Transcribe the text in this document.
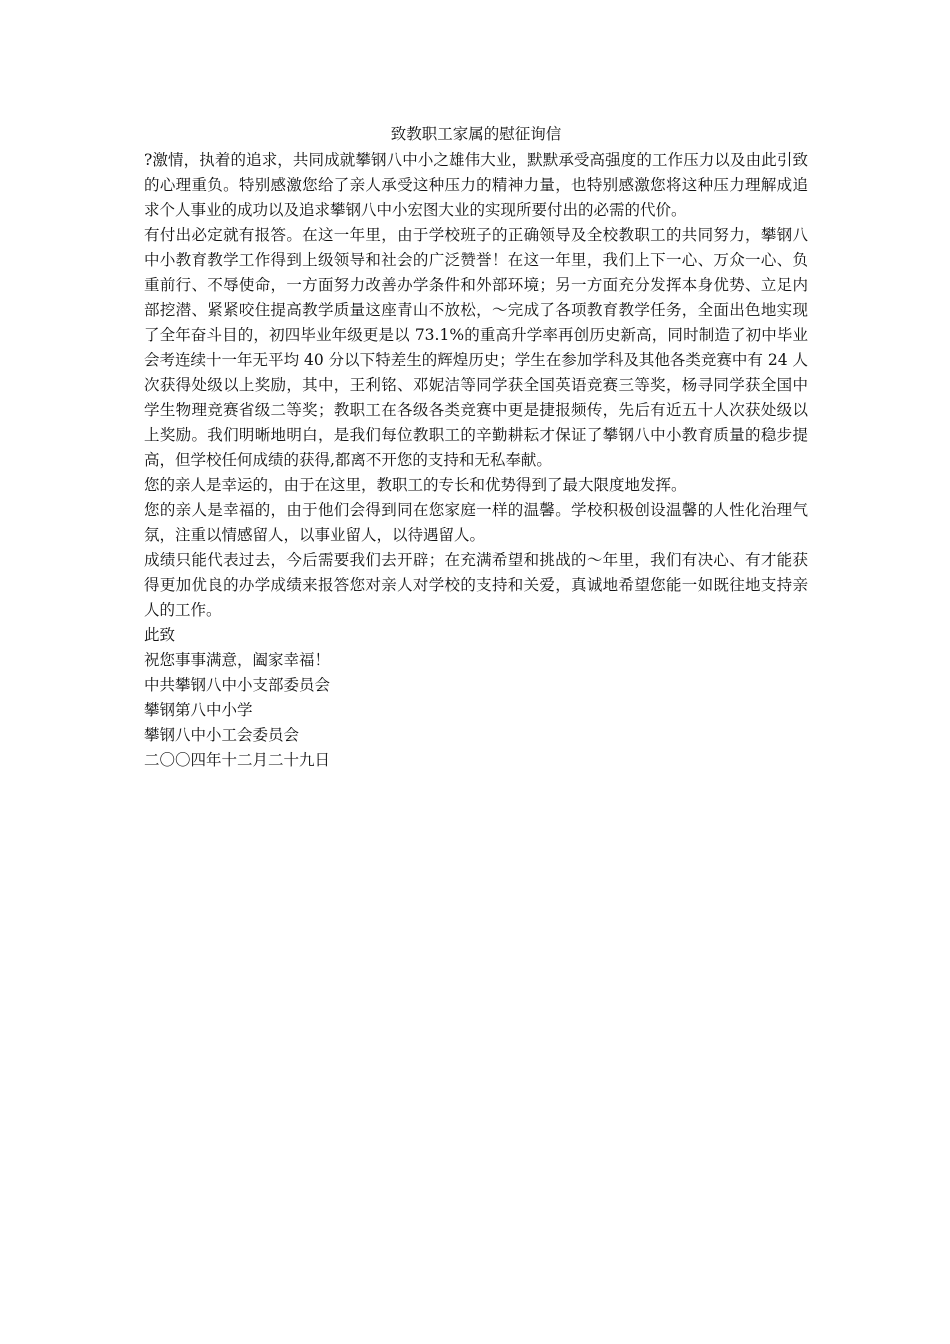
致教职工家属的慰征询信

?激情，执着的追求，共同成就攀钢八中小之雄伟大业，默默承受高强度的工作压力以及由此引致的心理重负。特别感激您给了亲人承受这种压力的精神力量，也特别感激您将这种压力理解成追求个人事业的成功以及追求攀钢八中小宏图大业的实现所要付出的必需的代价。

有付出必定就有报答。在这一年里，由于学校班子的正确领导及全校教职工的共同努力，攀钢八中小教育教学工作得到上级领导和社会的广泛赞誉！在这一年里，我们上下一心、万众一心、负重前行、不辱使命，一方面努力改善办学条件和外部环境；另一方面充分发挥本身优势、立足内部挖潜、紧紧咬住提高教学质量这座青山不放松，～完成了各项教育教学任务，全面出色地实现了全年奋斗目的，初四毕业年级更是以 73.1%的重高升学率再创历史新高，同时制造了初中毕业会考连续十一年无平均 40 分以下特差生的辉煌历史；学生在参加学科及其他各类竞赛中有 24 人次获得处级以上奖励，其中，王利铭、邓妮洁等同学获全国英语竞赛三等奖，杨寻同学获全国中学生物理竞赛省级二等奖；教职工在各级各类竞赛中更是捷报频传，先后有近五十人次获处级以上奖励。我们明晰地明白，是我们每位教职工的辛勤耕耘才保证了攀钢八中小教育质量的稳步提高，但学校任何成绩的获得,都离不开您的支持和无私奉献。

您的亲人是幸运的，由于在这里，教职工的专长和优势得到了最大限度地发挥。

您的亲人是幸福的，由于他们会得到同在您家庭一样的温馨。学校积极创设温馨的人性化治理气氛，注重以情感留人，以事业留人，以待遇留人。

成绩只能代表过去，今后需要我们去开辟；在充满希望和挑战的～年里，我们有决心、有才能获得更加优良的办学成绩来报答您对亲人对学校的支持和关爱，真诚地希望您能一如既往地支持亲人的工作。

此致

祝您事事满意，阖家幸福！

中共攀钢八中小支部委员会

攀钢第八中小学

攀钢八中小工会委员会

二〇〇四年十二月二十九日
